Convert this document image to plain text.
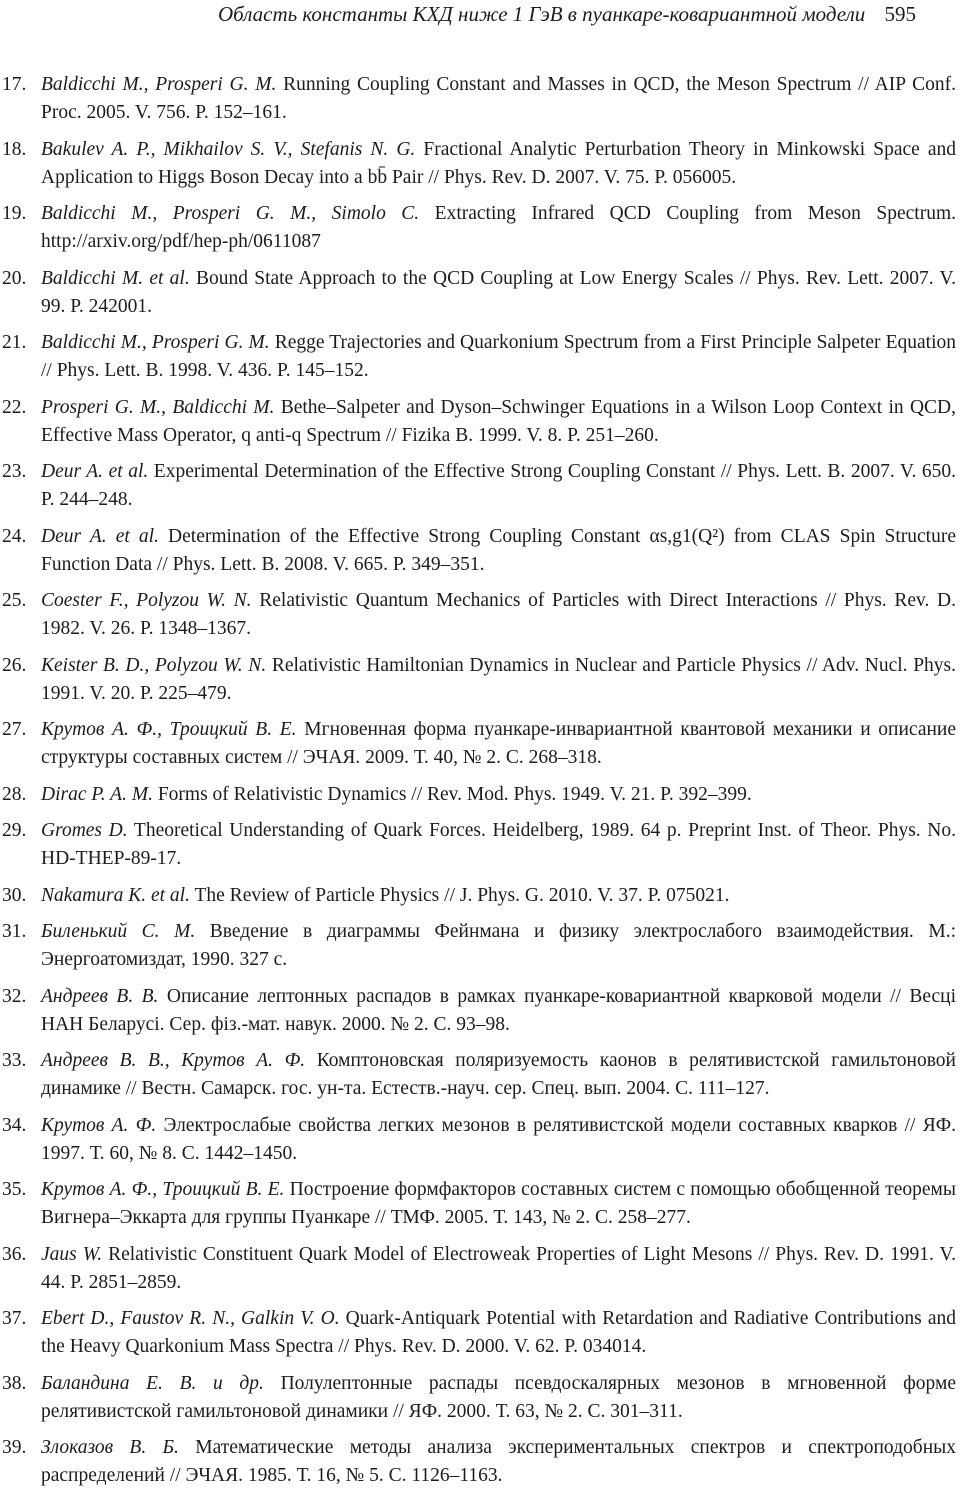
Область константы КХД ниже 1 ГэВ в пуанкаре-ковариантной модели 595
17. Baldicchi M., Prosperi G. M. Running Coupling Constant and Masses in QCD, the Meson Spectrum // AIP Conf. Proc. 2005. V. 756. P. 152–161.
18. Bakulev A. P., Mikhailov S. V., Stefanis N. G. Fractional Analytic Perturbation Theory in Minkowski Space and Application to Higgs Boson Decay into a bb̄ Pair // Phys. Rev. D. 2007. V. 75. P. 056005.
19. Baldicchi M., Prosperi G. M., Simolo C. Extracting Infrared QCD Coupling from Meson Spectrum. http://arxiv.org/pdf/hep-ph/0611087
20. Baldicchi M. et al. Bound State Approach to the QCD Coupling at Low Energy Scales // Phys. Rev. Lett. 2007. V. 99. P. 242001.
21. Baldicchi M., Prosperi G. M. Regge Trajectories and Quarkonium Spectrum from a First Principle Salpeter Equation // Phys. Lett. B. 1998. V. 436. P. 145–152.
22. Prosperi G. M., Baldicchi M. Bethe–Salpeter and Dyson–Schwinger Equations in a Wilson Loop Context in QCD, Effective Mass Operator, q anti-q Spectrum // Fizika B. 1999. V. 8. P. 251–260.
23. Deur A. et al. Experimental Determination of the Effective Strong Coupling Constant // Phys. Lett. B. 2007. V. 650. P. 244–248.
24. Deur A. et al. Determination of the Effective Strong Coupling Constant αs,g1(Q²) from CLAS Spin Structure Function Data // Phys. Lett. B. 2008. V. 665. P. 349–351.
25. Coester F., Polyzou W. N. Relativistic Quantum Mechanics of Particles with Direct Interactions // Phys. Rev. D. 1982. V. 26. P. 1348–1367.
26. Keister B. D., Polyzou W. N. Relativistic Hamiltonian Dynamics in Nuclear and Particle Physics // Adv. Nucl. Phys. 1991. V. 20. P. 225–479.
27. Крутов А. Ф., Троицкий В. Е. Мгновенная форма пуанкаре-инвариантной квантовой механики и описание структуры составных систем // ЭЧАЯ. 2009. Т. 40, № 2. С. 268–318.
28. Dirac P. A. M. Forms of Relativistic Dynamics // Rev. Mod. Phys. 1949. V. 21. P. 392–399.
29. Gromes D. Theoretical Understanding of Quark Forces. Heidelberg, 1989. 64 p. Preprint Inst. of Theor. Phys. No. HD-THEP-89-17.
30. Nakamura K. et al. The Review of Particle Physics // J. Phys. G. 2010. V. 37. P. 075021.
31. Биленький С. М. Введение в диаграммы Фейнмана и физику электрослабого взаимодействия. М.: Энергоатомиздат, 1990. 327 с.
32. Андреев В. В. Описание лептонных распадов в рамках пуанкаре-ковариантной кварковой модели // Весці НАН Беларусі. Сер. фіз.-мат. навук. 2000. № 2. С. 93–98.
33. Андреев В. В., Крутов А. Ф. Комптоновская поляризуемость каонов в релятивистской гамильтоновой динамике // Вестн. Самарск. гос. ун-та. Естеств.-науч. сер. Спец. вып. 2004. С. 111–127.
34. Крутов А. Ф. Электрослабые свойства легких мезонов в релятивистской модели составных кварков // ЯФ. 1997. Т. 60, № 8. С. 1442–1450.
35. Крутов А. Ф., Троицкий В. Е. Построение формфакторов составных систем с помощью обобщенной теоремы Вигнера–Эккарта для группы Пуанкаре // ТМФ. 2005. Т. 143, № 2. С. 258–277.
36. Jaus W. Relativistic Constituent Quark Model of Electroweak Properties of Light Mesons // Phys. Rev. D. 1991. V. 44. P. 2851–2859.
37. Ebert D., Faustov R. N., Galkin V. O. Quark-Antiquark Potential with Retardation and Radiative Contributions and the Heavy Quarkonium Mass Spectra // Phys. Rev. D. 2000. V. 62. P. 034014.
38. Баландина Е. В. и др. Полулептонные распады псевдоскалярных мезонов в мгновенной форме релятивистской гамильтоновой динамики // ЯФ. 2000. Т. 63, № 2. С. 301–311.
39. Злоказов В. Б. Математические методы анализа экспериментальных спектров и спектроподобных распределений // ЭЧАЯ. 1985. Т. 16, № 5. С. 1126–1163.
